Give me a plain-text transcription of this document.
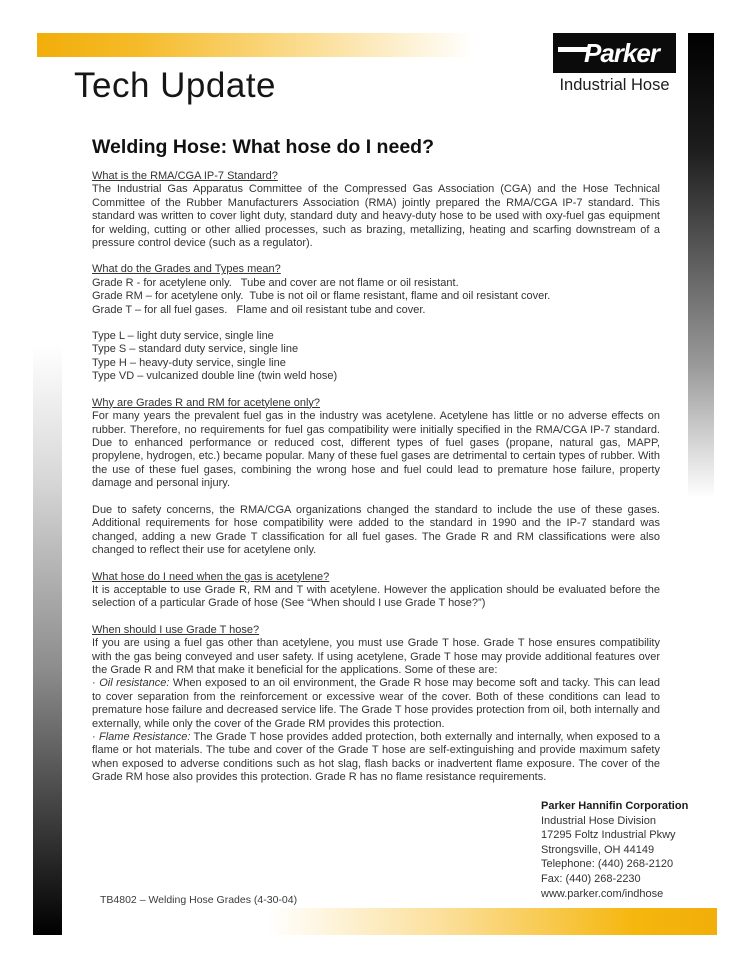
Parker
Industrial Hose
Tech Update
Welding Hose: What hose do I need?
What is the RMA/CGA IP-7 Standard?

The Industrial Gas Apparatus Committee of the Compressed Gas Association (CGA) and the Hose Technical Committee of the Rubber Manufacturers Association (RMA) jointly prepared the RMA/CGA IP-7 standard. This standard was written to cover light duty, standard duty and heavy-duty hose to be used with oxy-fuel gas equipment for welding, cutting or other allied processes, such as brazing, metallizing, heating and scarfing downstream of a pressure control device (such as a regulator).

What do the Grades and Types mean?
Grade R - for acetylene only.   Tube and cover are not flame or oil resistant.
Grade RM – for acetylene only.  Tube is not oil or flame resistant, flame and oil resistant cover.
Grade T – for all fuel gases.   Flame and oil resistant tube and cover.
Type L – light duty service, single line
Type S – standard duty service, single line
Type H – heavy-duty service, single line
Type VD – vulcanized double line (twin weld hose)
Why are Grades R and RM for acetylene only?

For many years the prevalent fuel gas in the industry was acetylene. Acetylene has little or no adverse effects on rubber. Therefore, no requirements for fuel gas compatibility were initially specified in the RMA/CGA IP-7 standard. Due to enhanced performance or reduced cost, different types of fuel gases (propane, natural gas, MAPP, propylene, hydrogen, etc.) became popular. Many of these fuel gases are detrimental to certain types of rubber. With the use of these fuel gases, combining the wrong hose and fuel could lead to premature hose failure, property damage and personal injury.

Due to safety concerns, the RMA/CGA organizations changed the standard to include the use of these gases. Additional requirements for hose compatibility were added to the standard in 1990 and the IP-7 standard was changed, adding a new Grade T classification for all fuel gases. The Grade R and RM classifications were also changed to reflect their use for acetylene only.

What hose do I need when the gas is acetylene?

It is acceptable to use Grade R, RM and T with acetylene. However the application should be evaluated before the selection of a particular Grade of hose (See “When should I use Grade T hose?”)

When should I use Grade T hose?

If you are using a fuel gas other than acetylene, you must use Grade T hose. Grade T hose ensures compatibility with the gas being conveyed and user safety. If using acetylene, Grade T hose may provide additional features over the Grade R and RM that make it beneficial for the applications. Some of these are:

· Oil resistance: When exposed to an oil environment, the Grade R hose may become soft and tacky. This can lead to cover separation from the reinforcement or excessive wear of the cover. Both of these conditions can lead to premature hose failure and decreased service life. The Grade T hose provides protection from oil, both internally and externally, while only the cover of the Grade RM provides this protection.

· Flame Resistance: The Grade T hose provides added protection, both externally and internally, when exposed to a flame or hot materials. The tube and cover of the Grade T hose are self-extinguishing and provide maximum safety when exposed to adverse conditions such as hot slag, flash backs or inadvertent flame exposure. The cover of the Grade RM hose also provides this protection. Grade R has no flame resistance requirements.

Parker Hannifin Corporation
Industrial Hose Division
17295 Foltz Industrial Pkwy
Strongsville, OH 44149
Telephone: (440) 268-2120
Fax: (440) 268-2230
www.parker.com/indhose
TB4802 – Welding Hose Grades (4-30-04)
